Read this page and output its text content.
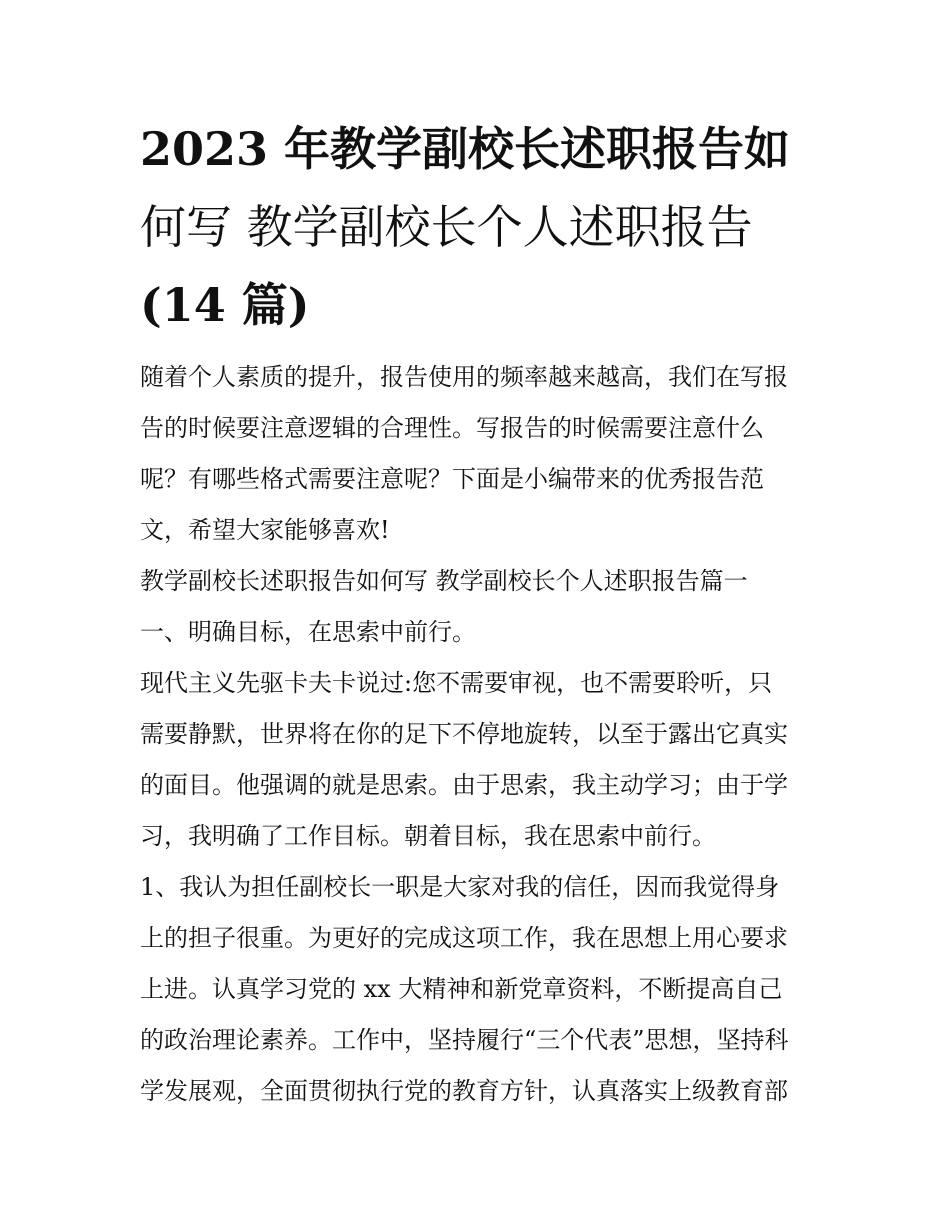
2023 年教学副校长述职报告如
何写 教学副校长个人述职报告
(14 篇)

随着个人素质的提升，报告使用的频率越来越高，我们在写报
告的时候要注意逻辑的合理性。写报告的时候需要注意什么
呢？有哪些格式需要注意呢？下面是小编带来的优秀报告范
文，希望大家能够喜欢!

教学副校长述职报告如何写 教学副校长个人述职报告篇一

一、明确目标，在思索中前行。

现代主义先驱卡夫卡说过:您不需要审视，也不需要聆听，只
需要静默，世界将在你的足下不停地旋转，以至于露出它真实
的面目。他强调的就是思索。由于思索，我主动学习；由于学
习，我明确了工作目标。朝着目标，我在思索中前行。

1、我认为担任副校长一职是大家对我的信任，因而我觉得身
上的担子很重。为更好的完成这项工作，我在思想上用心要求
上进。认真学习党的 xx 大精神和新党章资料，不断提高自己
的政治理论素养。工作中，坚持履行“三个代表”思想，坚持科
学发展观，全面贯彻执行党的教育方针，认真落实上级教育部
